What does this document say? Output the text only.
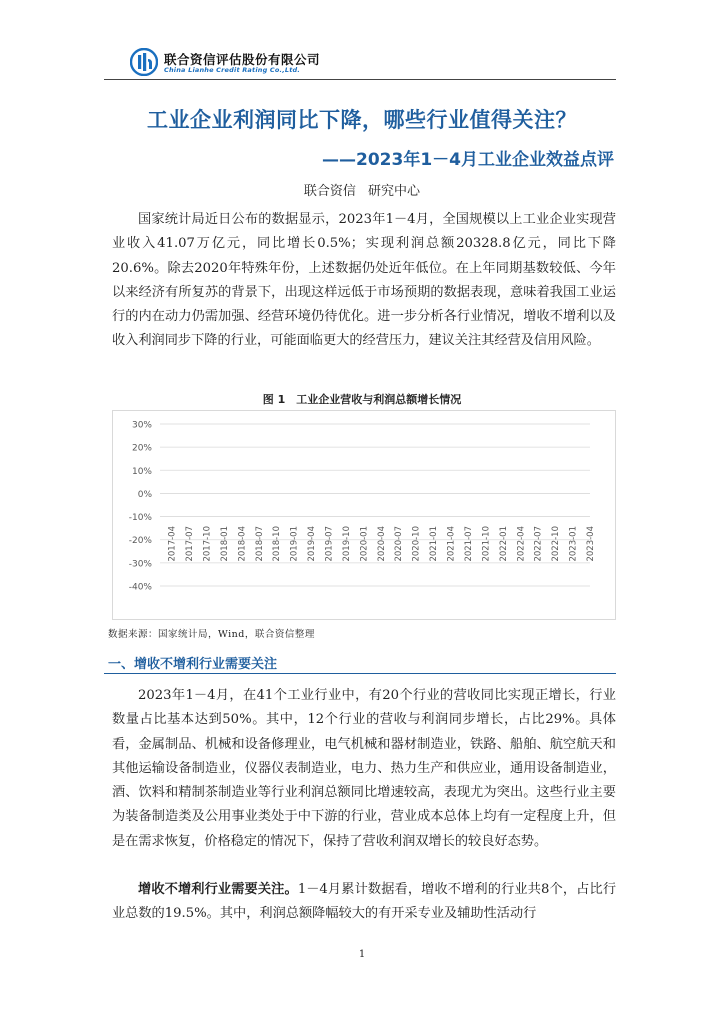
联合资信评估股份有限公司
China Lianhe Credit Rating Co.,Ltd.
工业企业利润同比下降，哪些行业值得关注？
——2023年1－4月工业企业效益点评
联合资信 研究中心

国家统计局近日公布的数据显示，2023年1－4月，全国规模以上工业企业实现营业收入41.07万亿元，同比增长0.5%；实现利润总额20328.8亿元，同比下降20.6%。除去2020年特殊年份，上述数据仍处近年低位。在上年同期基数较低、今年以来经济有所复苏的背景下，出现这样远低于市场预期的数据表现，意味着我国工业运行的内在动力仍需加强、经营环境仍待优化。进一步分析各行业情况，增收不增利以及收入利润同步下降的行业，可能面临更大的经营压力，建议关注其经营及信用风险。

图 1　工业企业营收与利润总额增长情况
30%
20%
10%
0%
-10%
-20%
-30%
-40%
2017-04 2017-07 2017-10 2018-01 2018-04 2018-07 2018-10 2019-01 2019-04 2019-07 2019-10 2020-01 2020-04 2020-07 2020-10 2021-01 2021-04 2021-07 2021-10 2022-01 2022-04 2022-07 2022-10 2023-01 2023-04
数据来源：国家统计局，Wind，联合资信整理
一、增收不增利行业需要关注

2023年1－4月，在41个工业行业中，有20个行业的营收同比实现正增长，行业数量占比基本达到50%。其中，12个行业的营收与利润同步增长，占比29%。具体看，金属制品、机械和设备修理业，电气机械和器材制造业，铁路、船舶、航空航天和其他运输设备制造业，仪器仪表制造业，电力、热力生产和供应业，通用设备制造业，酒、饮料和精制茶制造业等行业利润总额同比增速较高，表现尤为突出。这些行业主要为装备制造类及公用事业类处于中下游的行业，营业成本总体上均有一定程度上升，但是在需求恢复，价格稳定的情况下，保持了营收利润双增长的较良好态势。

增收不增利行业需要关注。1－4月累计数据看，增收不增利的行业共8个，占比行业总数的19.5%。其中，利润总额降幅较大的有开采专业及辅助性活动行

1
